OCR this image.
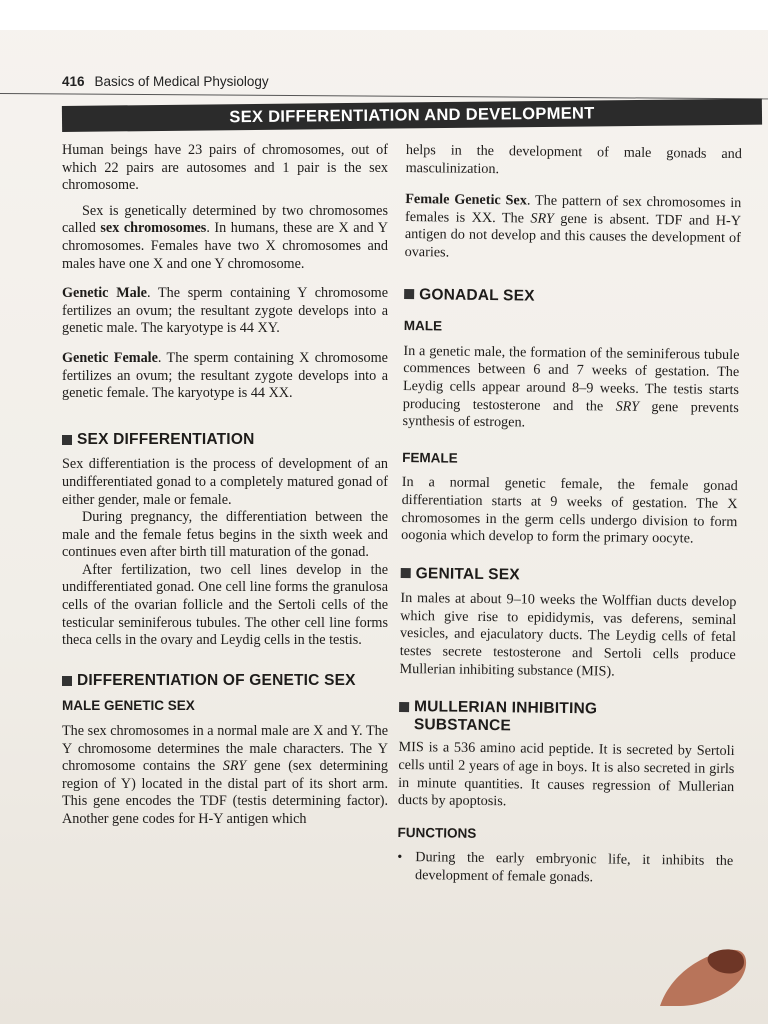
416 Basics of Medical Physiology
SEX DIFFERENTIATION AND DEVELOPMENT

Human beings have 23 pairs of chromosomes, out of which 22 pairs are autosomes and 1 pair is the sex chromosome.

Sex is genetically determined by two chromosomes called sex chromosomes. In humans, these are X and Y chromosomes. Females have two X chromosomes and males have one X and one Y chromosome.

Genetic Male. The sperm containing Y chromosome fertilizes an ovum; the resultant zygote develops into a genetic male. The karyotype is 44 XY.

Genetic Female. The sperm containing X chromosome fertilizes an ovum; the resultant zygote develops into a genetic female. The karyotype is 44 XX.

SEX DIFFERENTIATION

Sex differentiation is the process of development of an undifferentiated gonad to a completely matured gonad of either gender, male or female.

During pregnancy, the differentiation between the male and the female fetus begins in the sixth week and continues even after birth till maturation of the gonad.

After fertilization, two cell lines develop in the undifferentiated gonad. One cell line forms the granulosa cells of the ovarian follicle and the Sertoli cells of the testicular seminiferous tubules. The other cell line forms theca cells in the ovary and Leydig cells in the testis.

DIFFERENTIATION OF GENETIC SEX
MALE GENETIC SEX

The sex chromosomes in a normal male are X and Y. The Y chromosome determines the male characters. The Y chromosome contains the SRY gene (sex determining region of Y) located in the distal part of its short arm. This gene encodes the TDF (testis determining factor). Another gene codes for H-Y antigen which

helps in the development of male gonads and masculinization.

Female Genetic Sex. The pattern of sex chromosomes in females is XX. The SRY gene is absent. TDF and H-Y antigen do not develop and this causes the development of ovaries.

GONADAL SEX
MALE

In a genetic male, the formation of the seminiferous tubule commences between 6 and 7 weeks of gestation. The Leydig cells appear around 8–9 weeks. The testis starts producing testosterone and the SRY gene prevents synthesis of estrogen.

FEMALE

In a normal genetic female, the female gonad differentiation starts at 9 weeks of gestation. The X chromosomes in the germ cells undergo division to form oogonia which develop to form the primary oocyte.

GENITAL SEX

In males at about 9–10 weeks the Wolffian ducts develop which give rise to epididymis, vas deferens, seminal vesicles, and ejaculatory ducts. The Leydig cells of fetal testes secrete testosterone and Sertoli cells produce Mullerian inhibiting substance (MIS).

MULLERIAN INHIBITING
SUBSTANCE

MIS is a 536 amino acid peptide. It is secreted by Sertoli cells until 2 years of age in boys. It is also secreted in girls in minute quantities. It causes regression of Mullerian ducts by apoptosis.

FUNCTIONS
• During the early embryonic life, it inhibits the development of female gonads.
